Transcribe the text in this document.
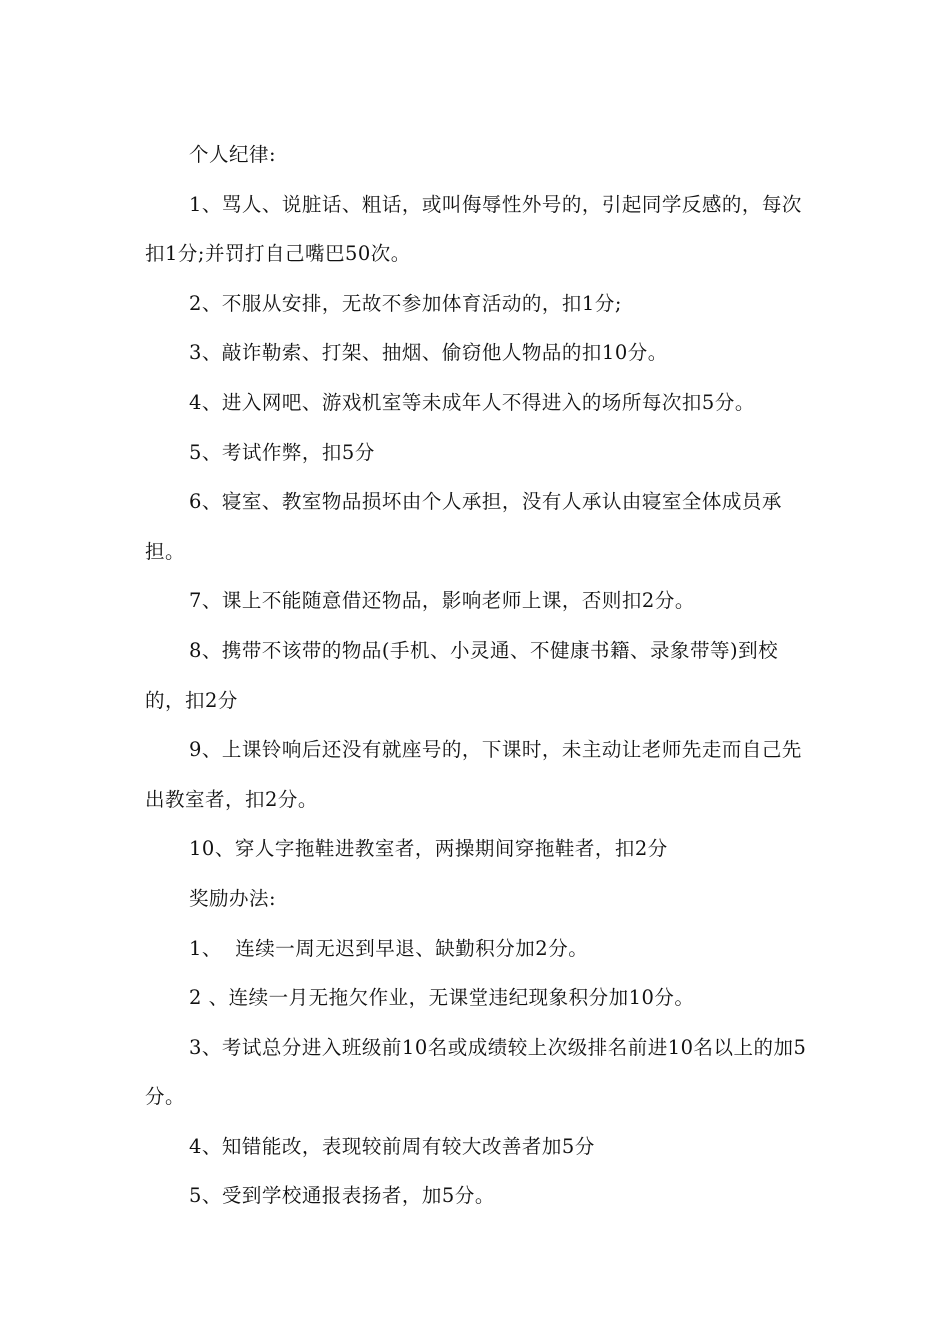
个人纪律:

1、骂人、说脏话、粗话，或叫侮辱性外号的，引起同学反感的，每次扣1分;并罚打自己嘴巴50次。

2、不服从安排，无故不参加体育活动的，扣1分;

3、敲诈勒索、打架、抽烟、偷窃他人物品的扣10分。

4、进入网吧、游戏机室等未成年人不得进入的场所每次扣5分。

5、考试作弊，扣5分

6、寝室、教室物品损坏由个人承担，没有人承认由寝室全体成员承担。

7、课上不能随意借还物品，影响老师上课，否则扣2分。

8、携带不该带的物品(手机、小灵通、不健康书籍、录象带等)到校的，扣2分

9、上课铃响后还没有就座号的，下课时，未主动让老师先走而自己先出教室者，扣2分。

10、穿人字拖鞋进教室者，两操期间穿拖鞋者，扣2分

奖励办法:

1、  连续一周无迟到早退、缺勤积分加2分。

2 、连续一月无拖欠作业，无课堂违纪现象积分加10分。

3、考试总分进入班级前10名或成绩较上次级排名前进10名以上的加5分。

4、知错能改，表现较前周有较大改善者加5分

5、受到学校通报表扬者，加5分。
